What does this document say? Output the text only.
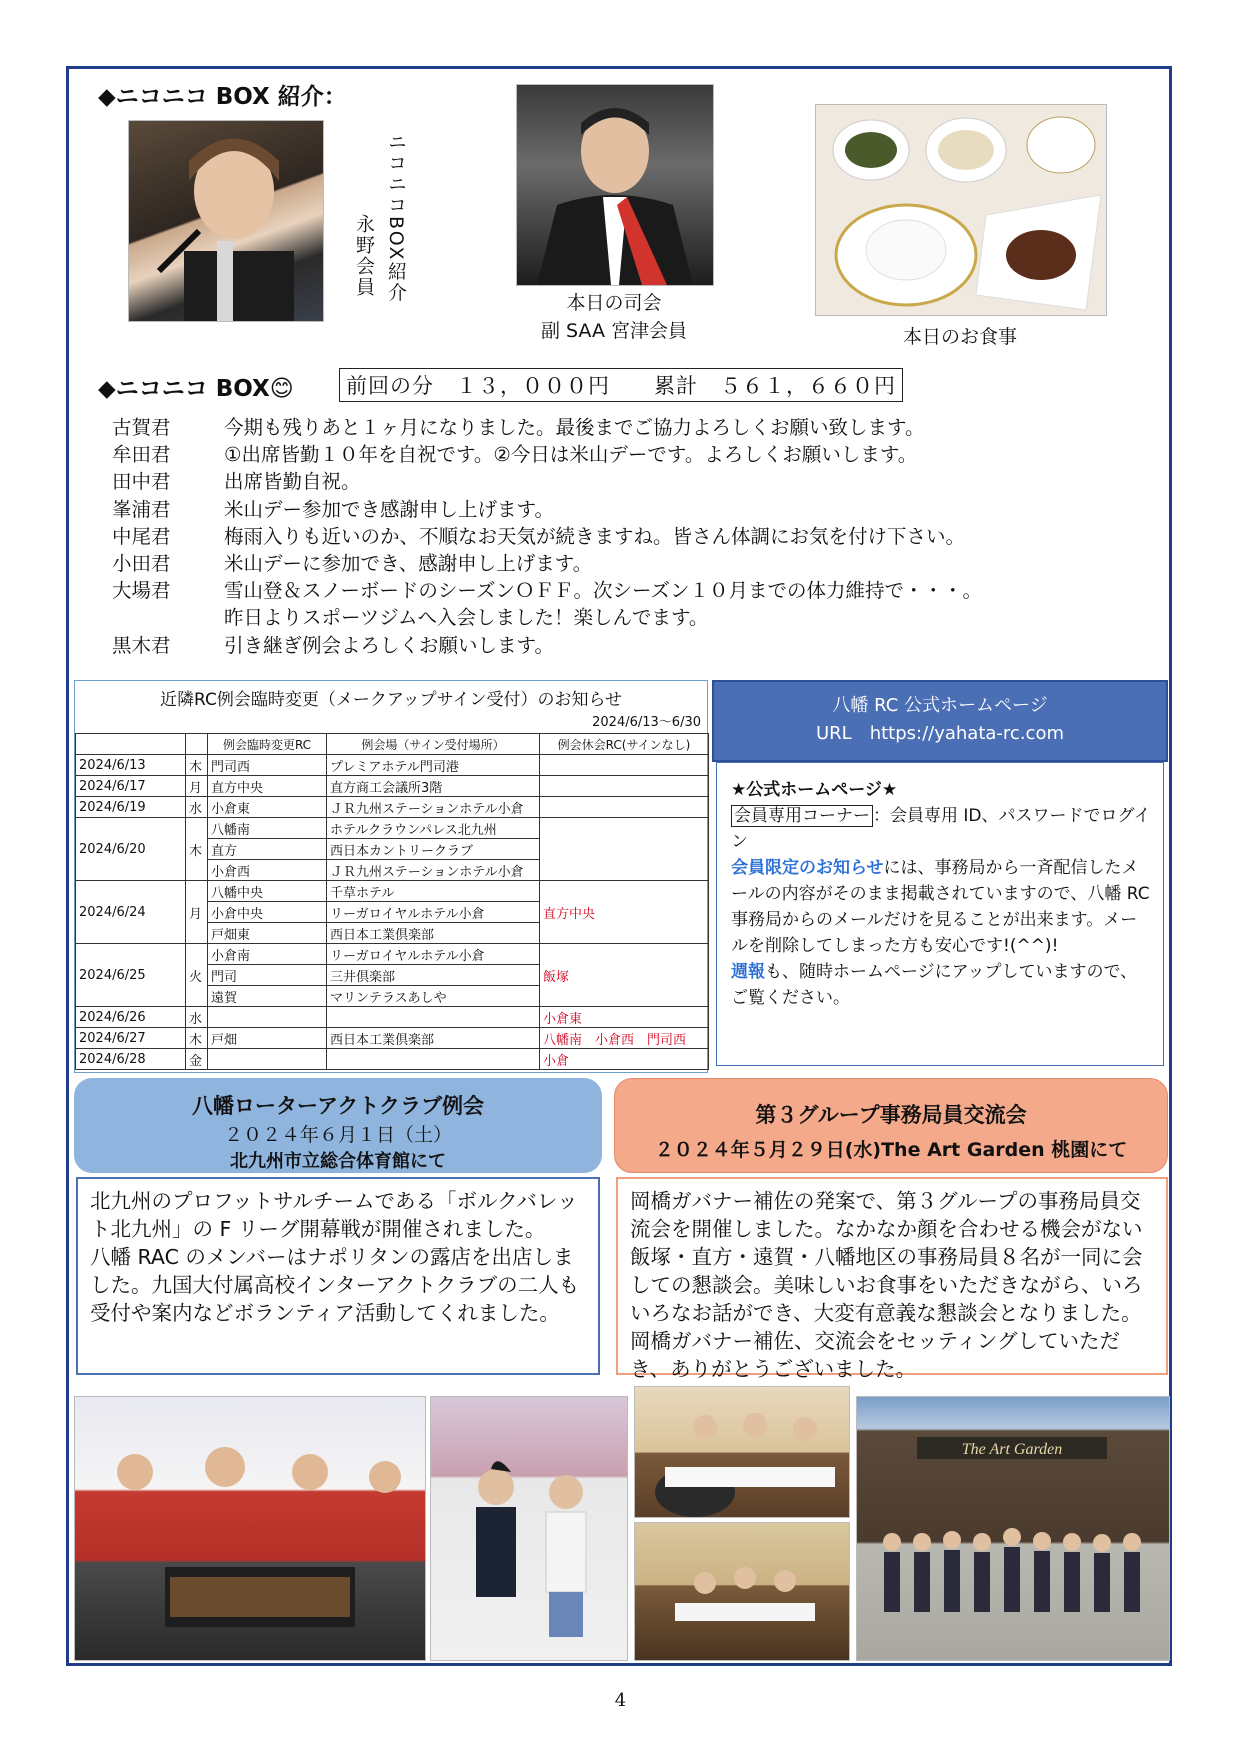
◆ニコニコ BOX 紹介：
ニコニコBOX紹介
永野会員
本日の司会
副 SAA 宮津会員	本日のお食事
◆ニコニコ BOX😊	前回の分　１３，０００円　　累計　５６１，６６０円
古賀君	今期も残りあと１ヶ月になりました。最後までご協力よろしくお願い致します。
牟田君	①出席皆勤１０年を自祝です。②今日は米山デーです。よろしくお願いします。
田中君	出席皆勤自祝。
峯浦君	米山デー参加でき感謝申し上げます。
中尾君	梅雨入りも近いのか、不順なお天気が続きますね。皆さん体調にお気を付け下さい。
小田君	米山デーに参加でき、感謝申し上げます。
大場君	雪山登＆スノーボードのシーズンＯＦＦ。次シーズン１０月までの体力維持で・・・。
昨日よりスポーツジムへ入会しました！楽しんでます。
黒木君	引き継ぎ例会よろしくお願いします。
近隣RC例会臨時変更（メークアップサイン受付）のお知らせ
2024/6/13～6/30
		例会臨時変更RC	例会場（サイン受付場所）	例会休会RC(サインなし)
2024/6/13	木	門司西	プレミアホテル門司港	
2024/6/17	月	直方中央	直方商工会議所3階	
2024/6/19	水	小倉東	ＪＲ九州ステーションホテル小倉	
2024/6/20	木	八幡南	ホテルクラウンパレス北九州	
		直方	西日本カントリークラブ	
		小倉西	ＪＲ九州ステーションホテル小倉	
2024/6/24	月	八幡中央	千草ホテル	直方中央
		小倉中央	リーガロイヤルホテル小倉	
		戸畑東	西日本工業倶楽部	
2024/6/25	火	小倉南	リーガロイヤルホテル小倉	飯塚
		門司	三井倶楽部	
		遠賀	マリンテラスあしや	
2024/6/26	水			小倉東
2024/6/27	木	戸畑	西日本工業倶楽部	八幡南　小倉西　門司西
2024/6/28	金			小倉
八幡 RC 公式ホームページ
URL　https://yahata-rc.com
★公式ホームページ★
会員専用コーナー ：会員専用 ID、パスワードでログイン
会員限定のお知らせには、事務局から一斉配信したメールの内容がそのまま掲載されていますので、八幡 RC 事務局からのメールだけを見ることが出来ます。メールを削除してしまった方も安心です!(^^)!
週報も、随時ホームページにアップしていますので、ご覧ください。
八幡ローターアクトクラブ例会
２０２４年６月１日（土）
北九州市立総合体育館にて
北九州のプロフットサルチームである「ボルクバレット北九州」の F リーグ開幕戦が開催されました。
八幡 RAC のメンバーはナポリタンの露店を出店しました。九国大付属高校インターアクトクラブの二人も受付や案内などボランティア活動してくれました。
第３グループ事務局員交流会
２０２４年５月２９日(水)The Art Garden 桃園にて
岡橋ガバナー補佐の発案で、第３グループの事務局員交流会を開催しました。なかなか顔を合わせる機会がない飯塚・直方・遠賀・八幡地区の事務局員８名が一同に会しての懇談会。美味しいお食事をいただきながら、いろいろなお話ができ、大変有意義な懇談会となりました。
岡橋ガバナー補佐、交流会をセッティングしていただき、ありがとうございました。
The Art Garden
4
